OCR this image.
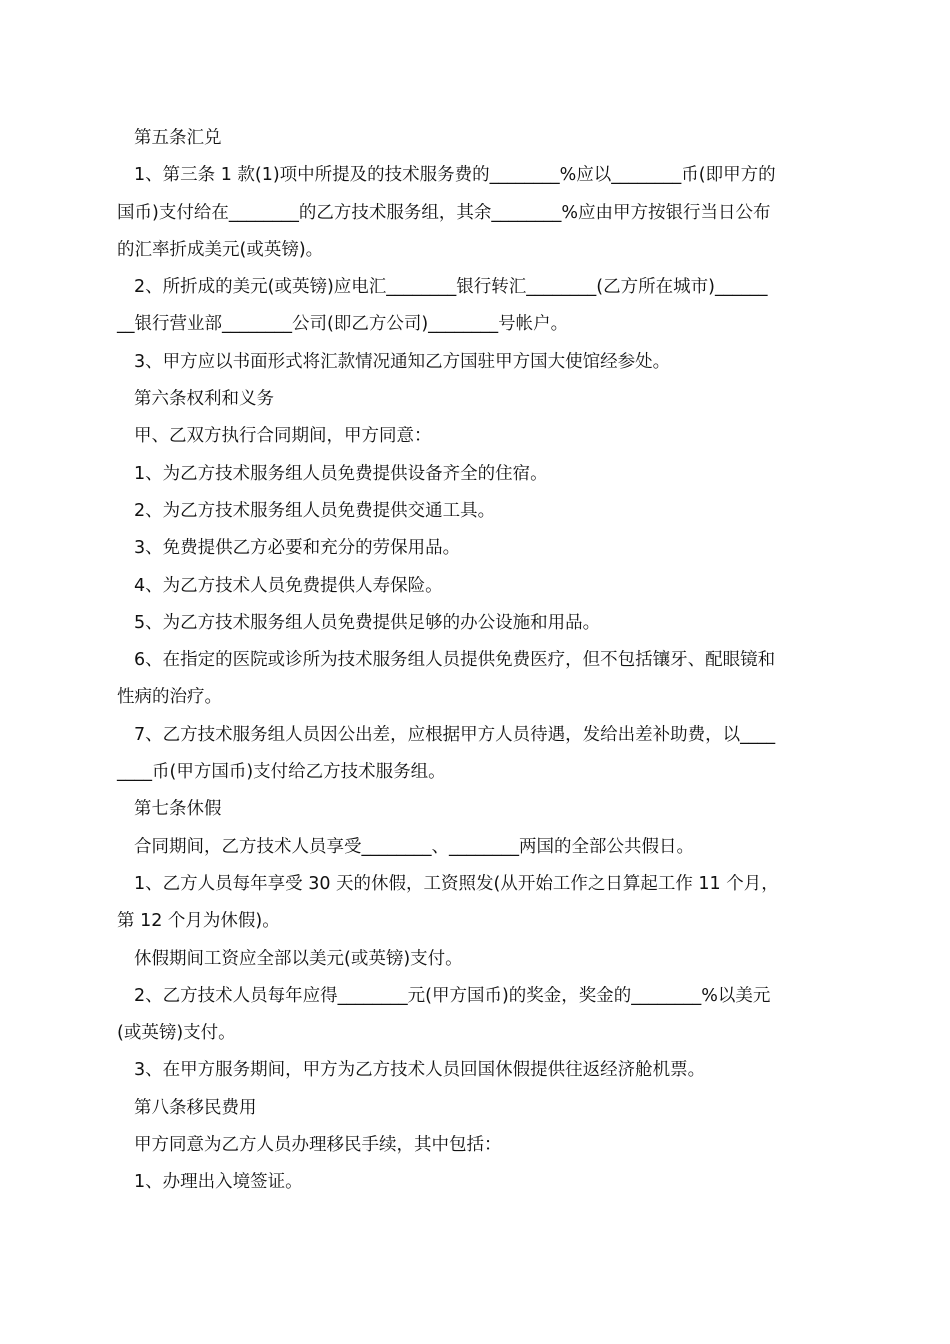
第五条汇兑

1、第三条 1 款(1)项中所提及的技术服务费的________%应以________币(即甲方的
国币)支付给在________的乙方技术服务组，其余________%应由甲方按银行当日公布
的汇率折成美元(或英镑)。

2、所折成的美元(或英镑)应电汇________银行转汇________(乙方所在城市)______
__银行营业部________公司(即乙方公司)________号帐户。

3、甲方应以书面形式将汇款情况通知乙方国驻甲方国大使馆经参处。

第六条权利和义务

甲、乙双方执行合同期间，甲方同意：

1、为乙方技术服务组人员免费提供设备齐全的住宿。

2、为乙方技术服务组人员免费提供交通工具。

3、免费提供乙方必要和充分的劳保用品。

4、为乙方技术人员免费提供人寿保险。

5、为乙方技术服务组人员免费提供足够的办公设施和用品。

6、在指定的医院或诊所为技术服务组人员提供免费医疗，但不包括镶牙、配眼镜和
性病的治疗。

7、乙方技术服务组人员因公出差，应根据甲方人员待遇，发给出差补助费，以____
____币(甲方国币)支付给乙方技术服务组。

第七条休假

合同期间，乙方技术人员享受________、________两国的全部公共假日。

1、乙方人员每年享受 30 天的休假，工资照发(从开始工作之日算起工作 11 个月，
第 12 个月为休假)。

休假期间工资应全部以美元(或英镑)支付。

2、乙方技术人员每年应得________元(甲方国币)的奖金，奖金的________%以美元
(或英镑)支付。

3、在甲方服务期间，甲方为乙方技术人员回国休假提供往返经济舱机票。

第八条移民费用

甲方同意为乙方人员办理移民手续，其中包括：

1、办理出入境签证。
